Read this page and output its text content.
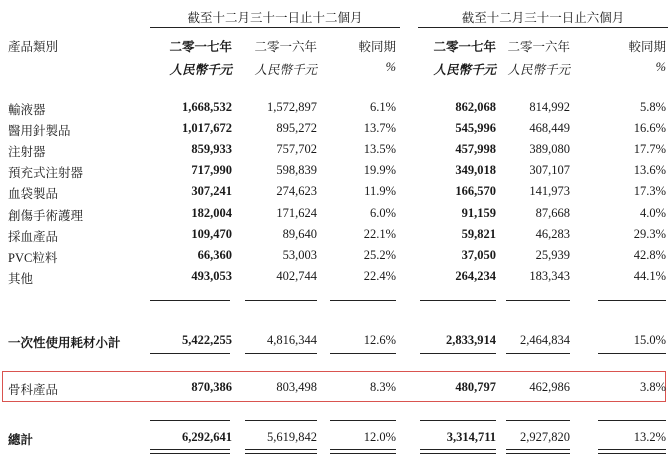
截至十二月三十一日止十二個月	截至十二月三十一日止六個月
產品類別	二零一七年 二零一六年	較同期	二零一七年 二零一六年	較同期
人民幣千元 人民幣千元	%	人民幣千元 人民幣千元	%
輸液器	1,668,532	1,572,897	6.1%	862,068	814,992	5.8%
醫用針製品	1,017,672	895,272	13.7%	545,996	468,449	16.6%
注射器	859,933	757,702	13.5%	457,998	389,080	17.7%
預充式注射器	717,990	598,839	19.9%	349,018	307,107	13.6%
血袋製品	307,241	274,623	11.9%	166,570	141,973	17.3%
創傷手術護理	182,004	171,624	6.0%	91,159	87,668	4.0%
採血產品	109,470	89,640	22.1%	59,821	46,283	29.3%
PVC粒料	66,360	53,003	25.2%	37,050	25,939	42.8%
其他	493,053	402,744	22.4%	264,234	183,343	44.1%
一次性使用耗材小計	5,422,255	4,816,344	12.6%	2,833,914 2,464,834	15.0%
骨科產品	870,386	803,498	8.3%	480,797	462,986	3.8%
總計	6,292,641	5,619,842	12.0%	3,314,711 2,927,820	13.2%
